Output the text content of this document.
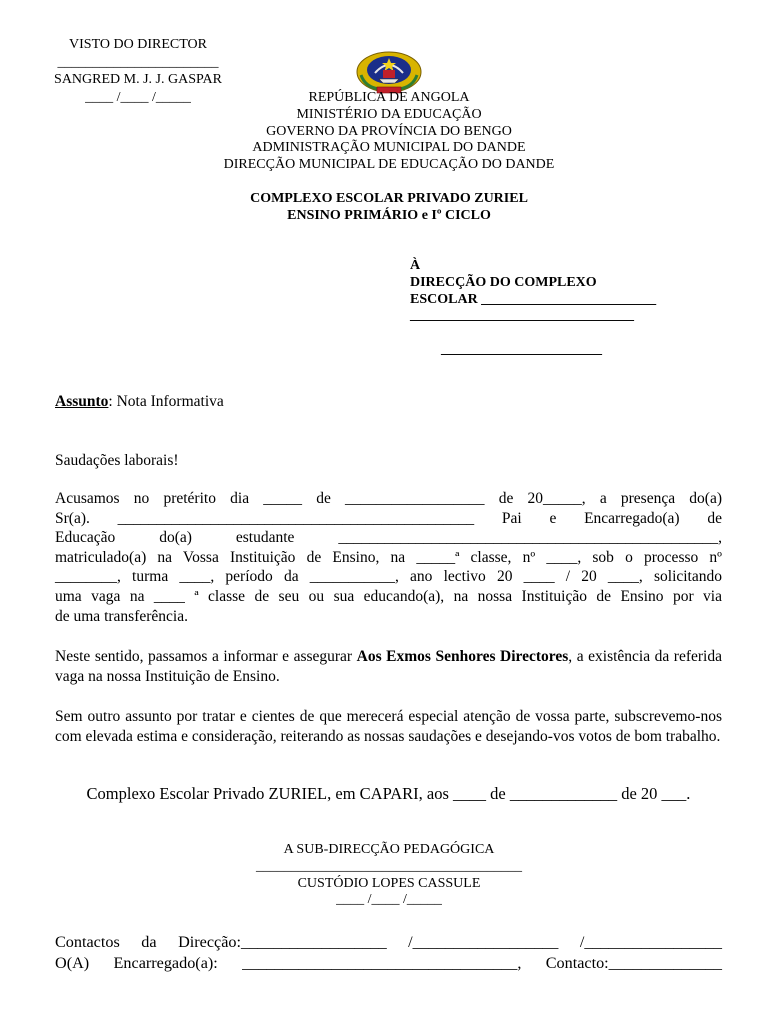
VISTO DO DIRECTOR
_______________________
SANGRED M. J. J. GASPAR
____ /____ /_____	REPÚBLICA DE ANGOLA
MINISTÉRIO DA EDUCAÇÃO
GOVERNO DA PROVÍNCIA DO BENGO
ADMINISTRAÇÃO MUNICIPAL DO DANDE
DIRECÇÃO MUNICIPAL DE EDUCAÇÃO DO DANDE
COMPLEXO ESCOLAR PRIVADO ZURIEL
ENSINO PRIMÁRIO e Iº CICLO
À
DIRECÇÃO DO COMPLEXO
ESCOLAR _________________________
________________________________
_______________________
Assunto: Nota Informativa
Saudações laborais!
Acusamos no pretérito dia _____ de __________________ de 20_____, a presença do(a)
Sr(a). ______________________________________________ Pai e Encarregado(a) de
Educação do(a) estudante _________________________________________________,
matriculado(a) na Vossa Instituição de Ensino, na _____ª classe, nº ____, sob o processo nº
________, turma ____, período da ___________, ano lectivo 20 ____ / 20 ____, solicitando
uma vaga na ____ ª classe de seu ou sua educando(a), na nossa Instituição de Ensino por via
de uma transferência.
Neste sentido, passamos a informar e assegurar Aos Exmos Senhores Directores, a existência da referida vaga na nossa Instituição de Ensino.
Sem outro assunto por tratar e cientes de que merecerá especial atenção de vossa parte, subscrevemo-nos com elevada estima e consideração, reiterando as nossas saudações e desejando-vos votos de bom trabalho.
Complexo Escolar Privado ZURIEL, em CAPARI, aos ____ de _____________ de 20 ___.
A SUB-DIRECÇÃO PEDAGÓGICA
______________________________________
CUSTÓDIO LOPES CASSULE
____ /____ /_____
Contactos da Direcção:__________________ /__________________ /_________________
O(A) Encarregado(a): __________________________________, Contacto:______________
